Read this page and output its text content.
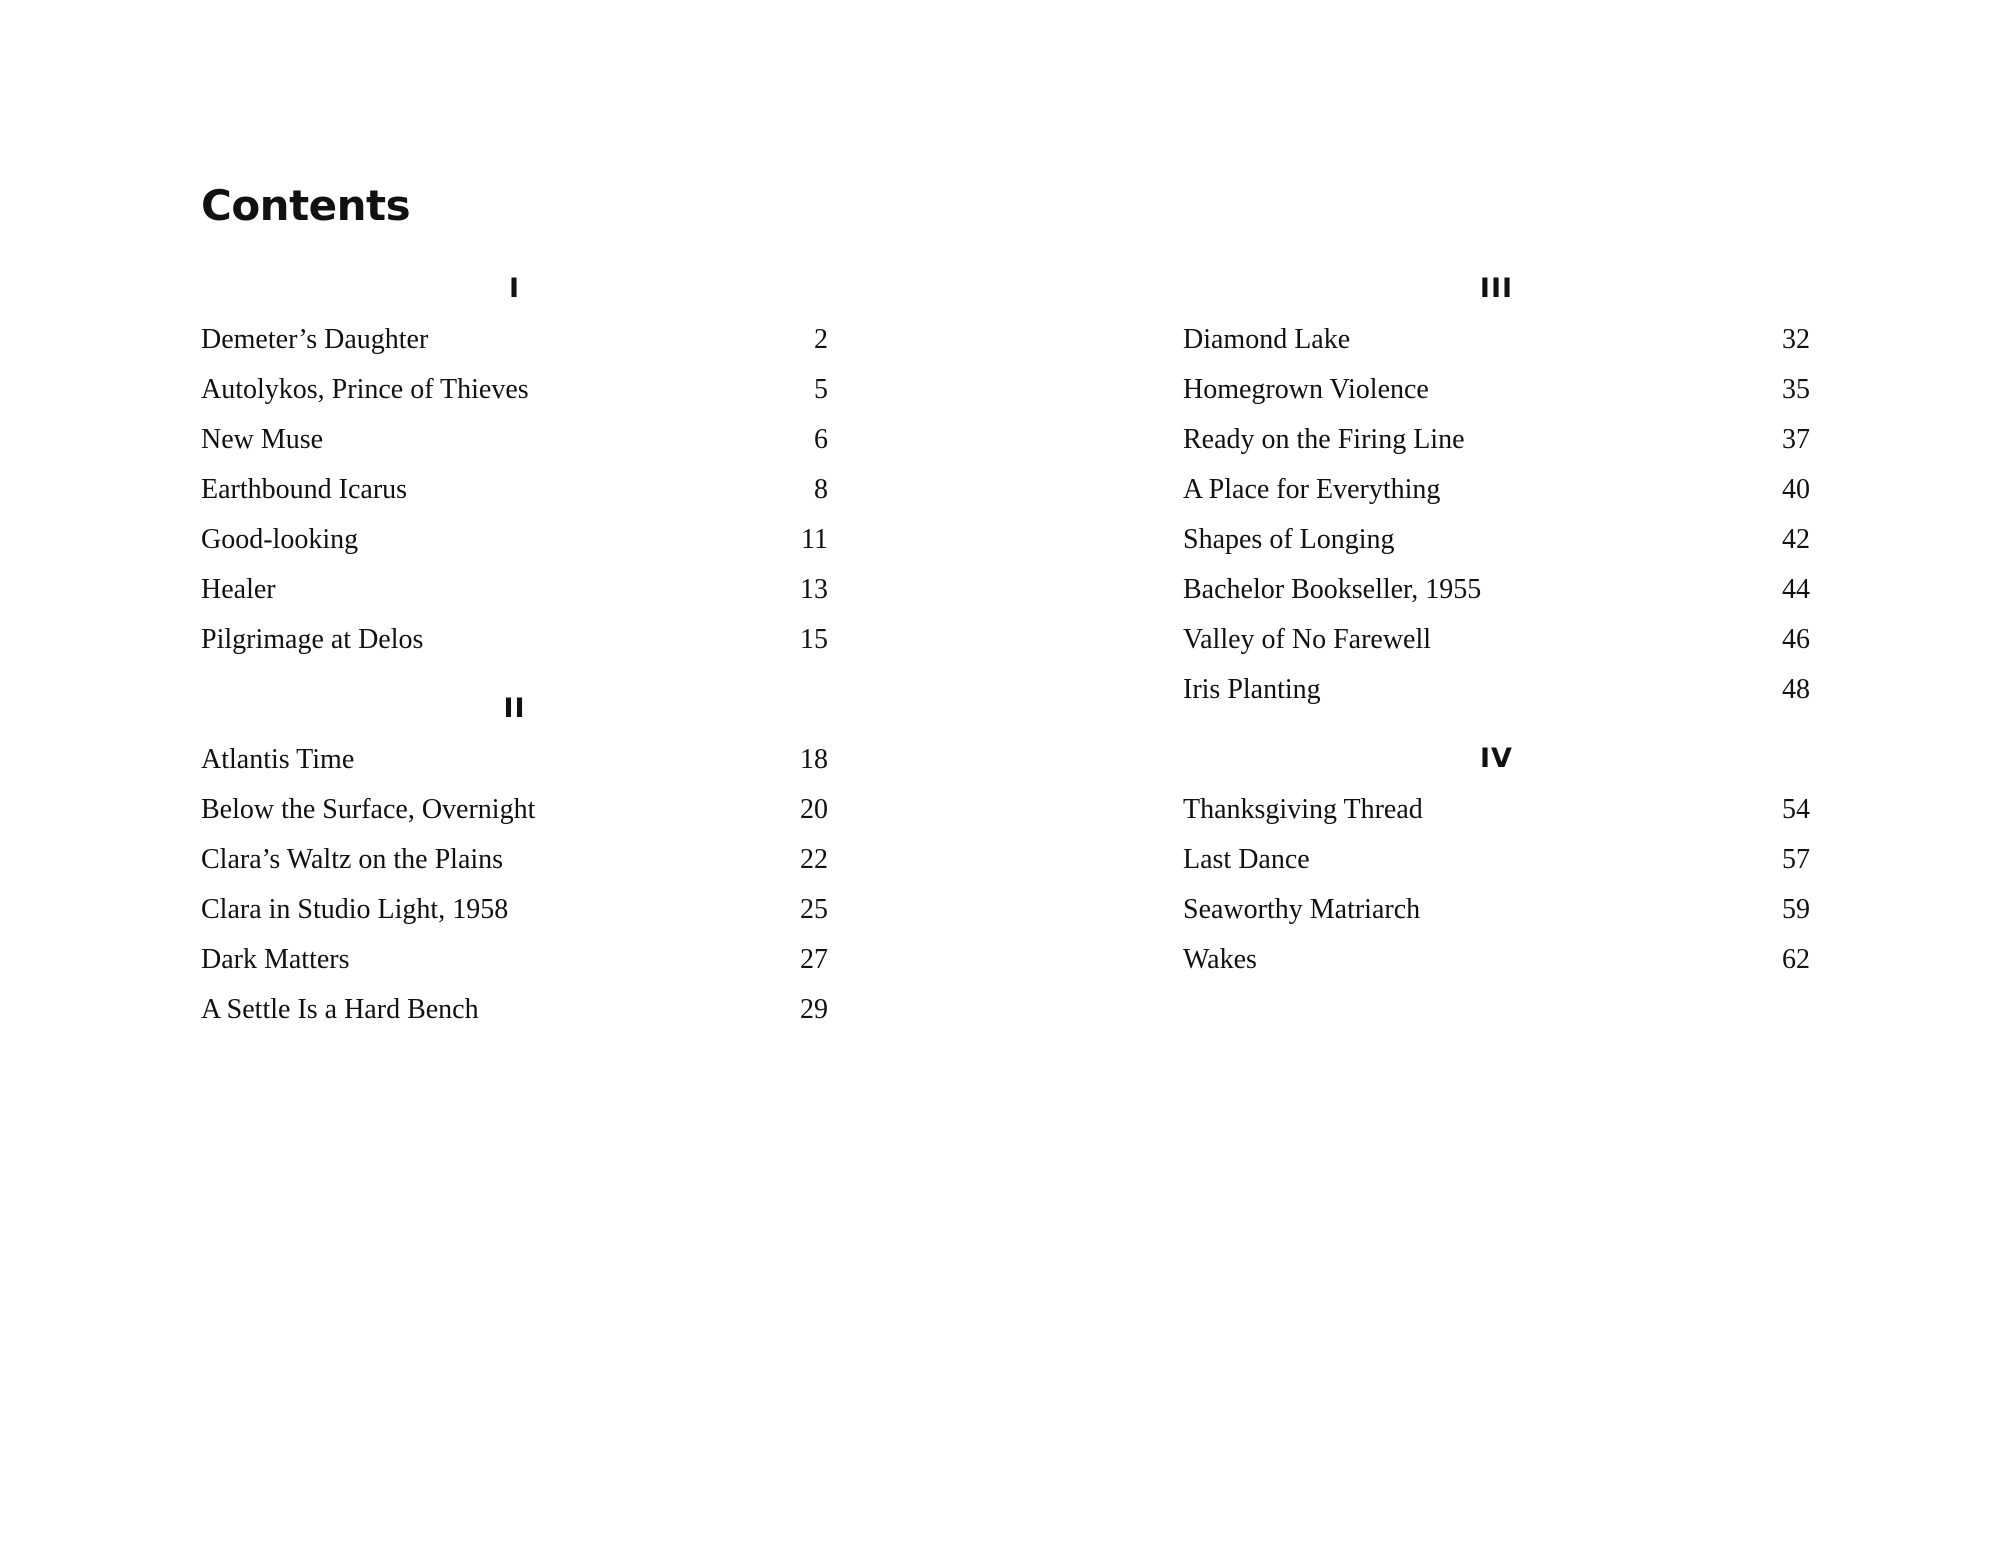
Contents
I
Demeter’s Daughter	2
Autolykos, Prince of Thieves	5
New Muse	6
Earthbound Icarus	8
Good-looking	11
Healer	13
Pilgrimage at Delos	15
II
Atlantis Time	18
Below the Surface, Overnight	20
Clara’s Waltz on the Plains	22
Clara in Studio Light, 1958	25
Dark Matters	27
A Settle Is a Hard Bench	29
III
Diamond Lake	32
Homegrown Violence	35
Ready on the Firing Line	37
A Place for Everything	40
Shapes of Longing	42
Bachelor Bookseller, 1955	44
Valley of No Farewell	46
Iris Planting	48
IV
Thanksgiving Thread	54
Last Dance	57
Seaworthy Matriarch	59
Wakes	62
